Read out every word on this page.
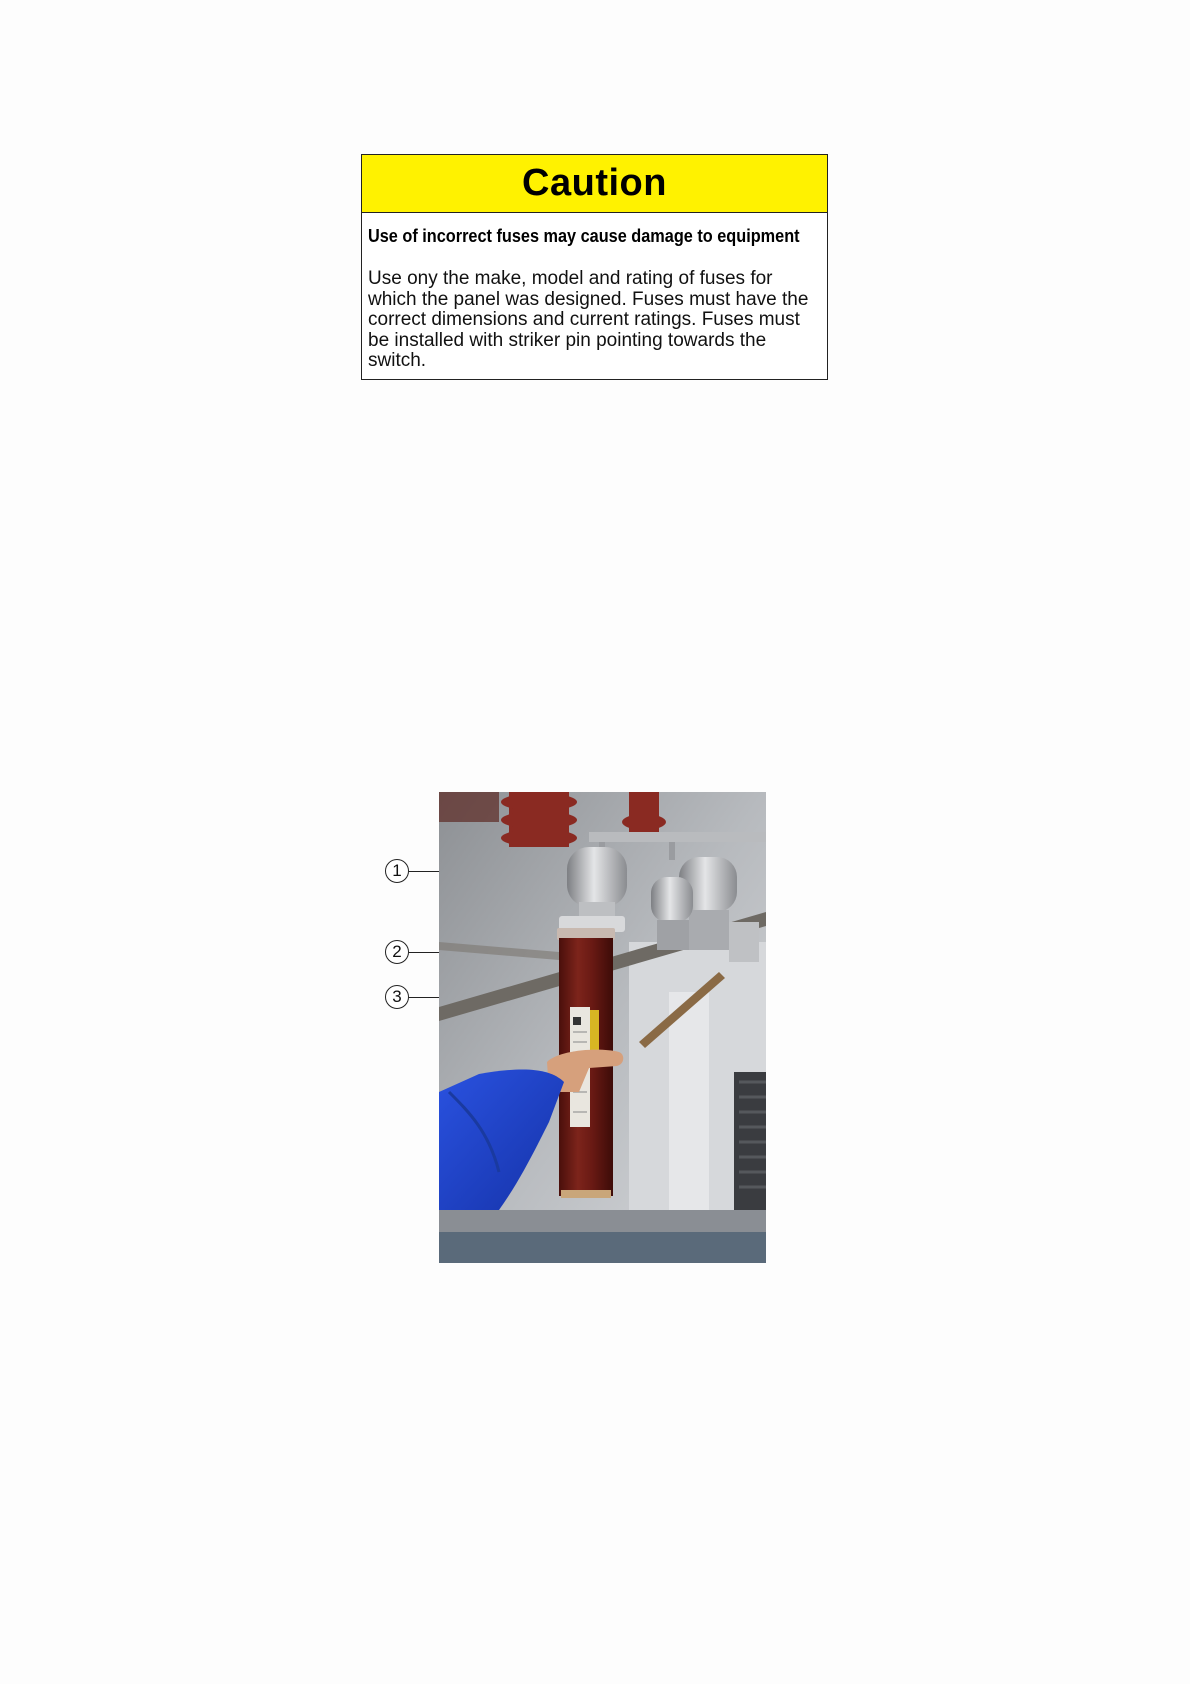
Caution
Use of incorrect fuses may cause damage to equipment
Use ony the make, model and rating of fuses for which the panel was designed. Fuses must have the correct dimensions and current ratings. Fuses must be installed with striker pin pointing towards the switch.
1
2
3
